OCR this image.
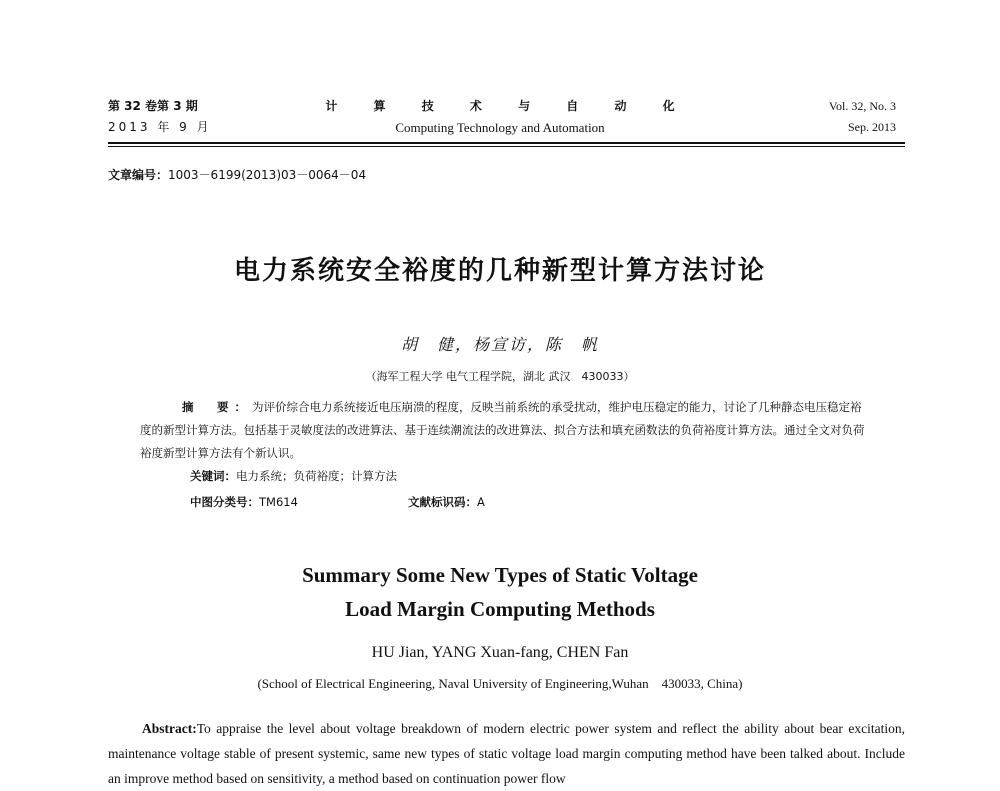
第 32 卷第 3 期
2013 年 9 月
计 算 技 术 与 自 动 化
Computing Technology and Automation
Vol. 32, No. 3
Sep. 2013
文章编号：1003－6199(2013)03－0064－04
电力系统安全裕度的几种新型计算方法讨论
胡　健，杨宣访，陈　帆
（海军工程大学 电气工程学院，湖北 武汉　430033）
摘　要：为评价综合电力系统接近电压崩溃的程度，反映当前系统的承受扰动，维护电压稳定的能力，讨论了几种静态电压稳定裕度的新型计算方法。包括基于灵敏度法的改进算法、基于连续潮流法的改进算法、拟合方法和填充函数法的负荷裕度计算方法。通过全文对负荷裕度新型计算方法有个新认识。
关键词：电力系统；负荷裕度；计算方法
中图分类号：TM614	文献标识码：A
Summary Some New Types of Static Voltage
Load Margin Computing Methods
HU Jian, YANG Xuan-fang, CHEN Fan
(School of Electrical Engineering, Naval University of Engineering,Wuhan　430033, China)
Abstract:To appraise the level about voltage breakdown of modern electric power system and reflect the ability about bear excitation, maintenance voltage stable of present systemic, same new types of static voltage load margin computing method have been talked about. Include an improve method based on sensitivity, a method based on continuation power flow
